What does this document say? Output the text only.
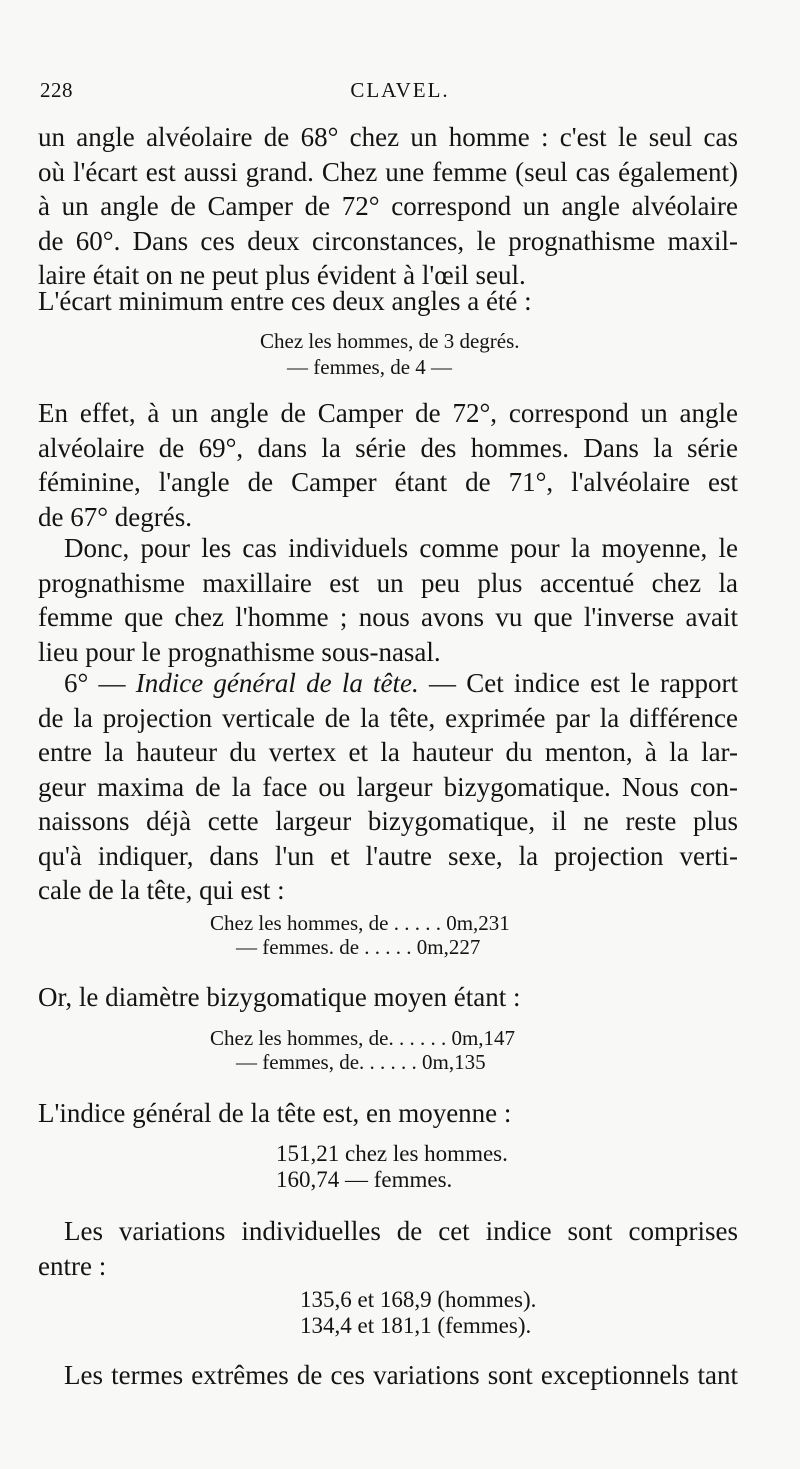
228	CLAVEL.
un angle alvéolaire de 68° chez un homme : c'est le seul cas
où l'écart est aussi grand. Chez une femme (seul cas également)
à un angle de Camper de 72° correspond un angle alvéolaire
de 60°. Dans ces deux circonstances, le prognathisme maxil-
laire était on ne peut plus évident à l'œil seul.
L'écart minimum entre ces deux angles a été :
Chez les hommes, de 3 degrés.
— femmes, de 4 —
En effet, à un angle de Camper de 72°, correspond un angle
alvéolaire de 69°, dans la série des hommes. Dans la série
féminine, l'angle de Camper étant de 71°, l'alvéolaire est
de 67° degrés.
Donc, pour les cas individuels comme pour la moyenne, le
prognathisme maxillaire est un peu plus accentué chez la
femme que chez l'homme ; nous avons vu que l'inverse avait
lieu pour le prognathisme sous-nasal.
6° — Indice général de la tête. — Cet indice est le rapport
de la projection verticale de la tête, exprimée par la différence
entre la hauteur du vertex et la hauteur du menton, à la lar-
geur maxima de la face ou largeur bizygomatique. Nous con-
naissons déjà cette largeur bizygomatique, il ne reste plus
qu'à indiquer, dans l'un et l'autre sexe, la projection verti-
cale de la tête, qui est :
Chez les hommes, de . . . . . 0m,231
— femmes. de . . . . . 0m,227
Or, le diamètre bizygomatique moyen étant :
Chez les hommes, de. . . . . . 0m,147
— femmes, de. . . . . . 0m,135
L'indice général de la tête est, en moyenne :
151,21 chez les hommes.
160,74 — femmes.
Les variations individuelles de cet indice sont comprises
entre :
135,6 et 168,9 (hommes).
134,4 et 181,1 (femmes).
Les termes extrêmes de ces variations sont exceptionnels tant
